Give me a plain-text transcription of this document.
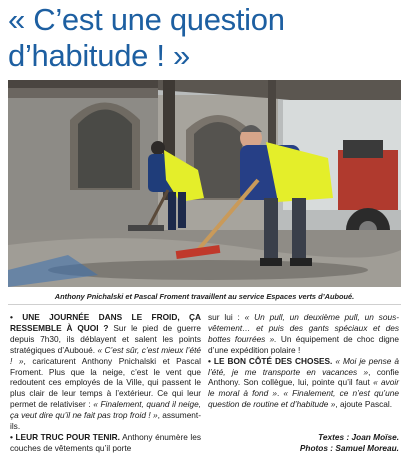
« C’est une question
d’habitude ! »
Anthony Pnichalski et Pascal Froment travaillent au service Espaces verts d’Auboué.

• UNE JOURNÉE DANS LE FROID, ÇA RESSEMBLE À QUOI ? Sur le pied de guerre depuis 7h30, ils déblayent et salent les points stratégiques d’Auboué. « C’est sûr, c’est mieux l’été ! », caricaturent Anthony Pnichalski et Pascal Froment. Plus que la neige, c’est le vent que redoutent ces employés de la Ville, qui passent le plus clair de leur temps à l’extérieur. Ce qui leur permet de relativiser : « Finalement, quand il neige, ça veut dire qu’il ne fait pas trop froid ! », assument-ils.

• LEUR TRUC POUR TENIR. Anthony énumère les couches de vêtements qu’il porte

sur lui : « Un pull, un deuxième pull, un sous-vêtement… et puis des gants spéciaux et des bottes fourrées ». Un équipement de choc digne d’une expédition polaire !

• LE BON CÔTÉ DES CHOSES. « Moi je pense à l’été, je me transporte en vacances », confie Anthony. Son collègue, lui, pointe qu’il faut « avoir le moral à fond ». « Finalement, ce n’est qu’une question de routine et d’habitude », ajoute Pascal.

Textes : Joan Moïse.
Photos : Samuel Moreau.
